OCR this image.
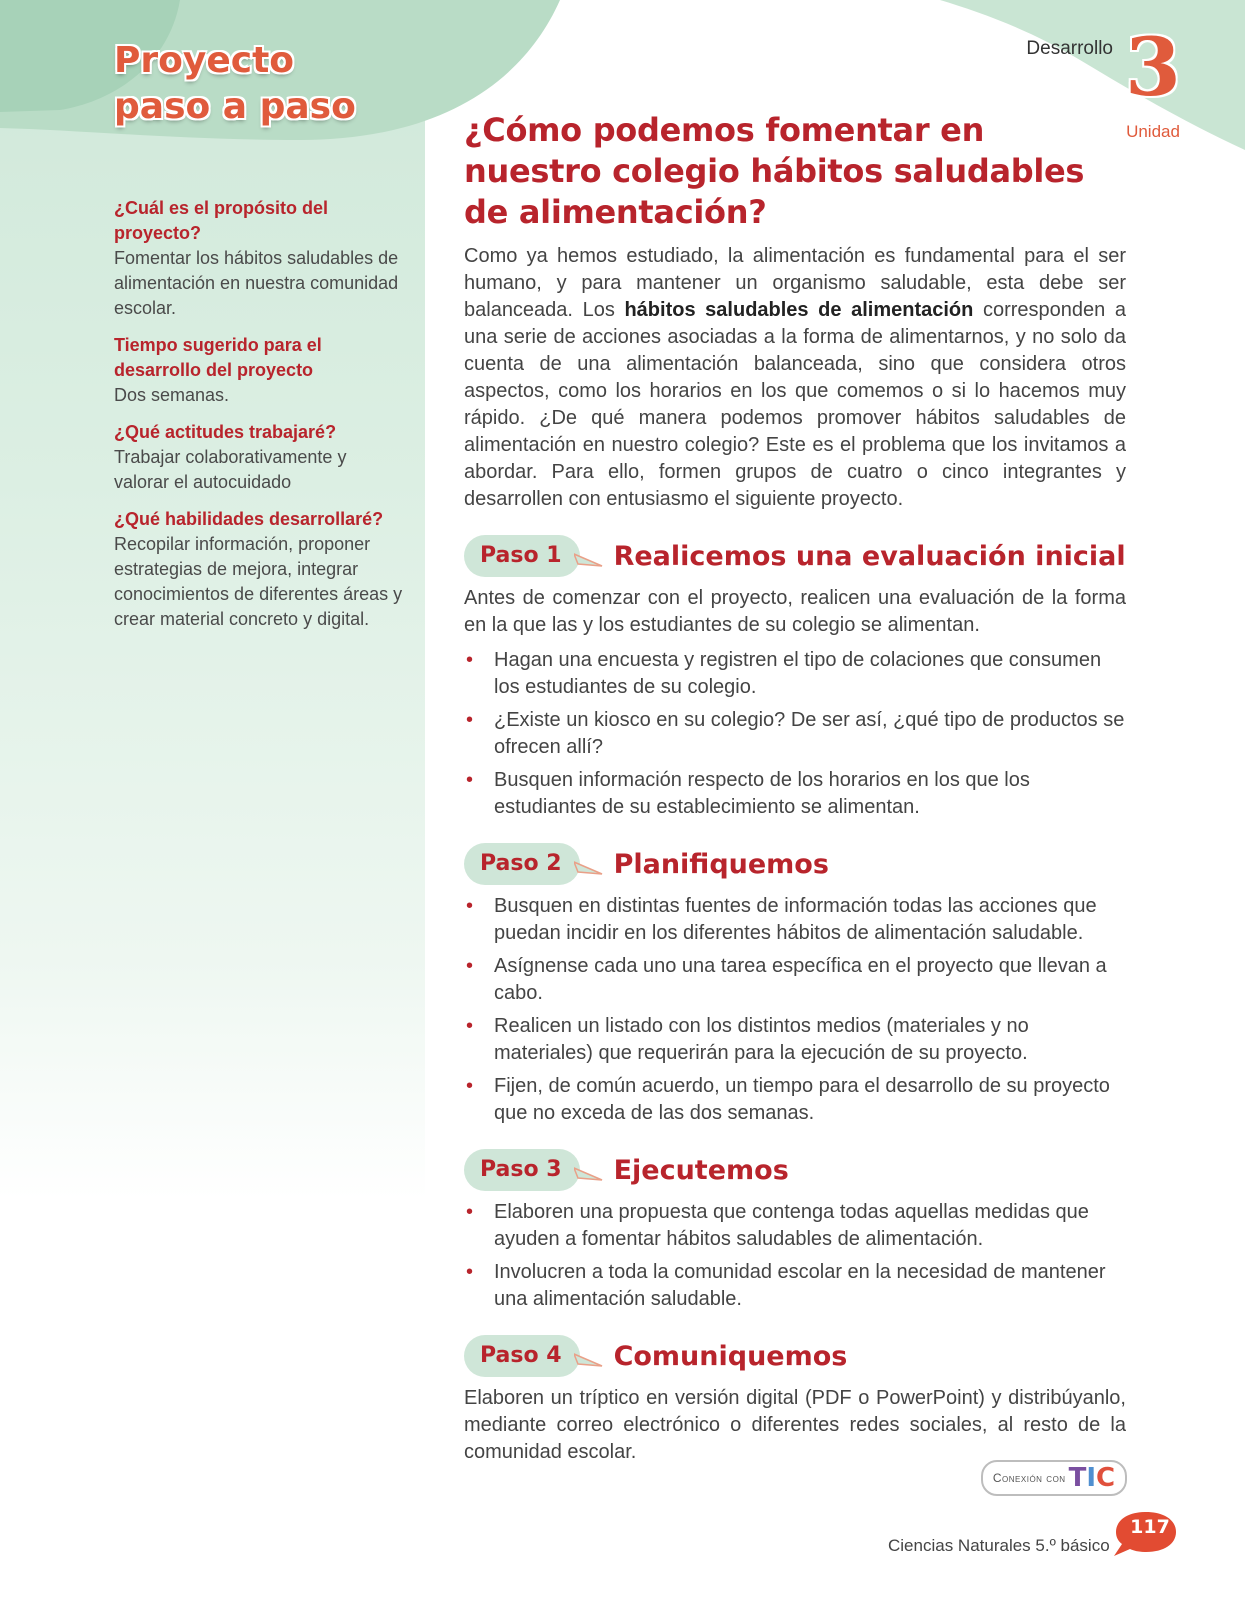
Proyecto
paso a paso
Desarrollo 3
Unidad
¿Cuál es el propósito del proyecto?
Fomentar los hábitos saludables de alimentación en nuestra comunidad escolar.
Tiempo sugerido para el desarrollo del proyecto
Dos semanas.
¿Qué actitudes trabajaré?
Trabajar colaborativamente y valorar el autocuidado
¿Qué habilidades desarrollaré?
Recopilar información, proponer estrategias de mejora, integrar conocimientos de diferentes áreas y crear material concreto y digital.
¿Cómo podemos fomentar en
nuestro colegio hábitos saludables
de alimentación?

Como ya hemos estudiado, la alimentación es fundamental para el ser humano, y para mantener un organismo saludable, esta debe ser balanceada. Los hábitos saludables de alimentación corresponden a una serie de acciones asociadas a la forma de alimentarnos, y no solo da cuenta de una alimentación balanceada, sino que considera otros aspectos, como los horarios en los que comemos o si lo hacemos muy rápido. ¿De qué manera podemos promover hábitos saludables de alimentación en nuestro colegio? Este es el problema que los invitamos a abordar. Para ello, formen grupos de cuatro o cinco integrantes y desarrollen con entusiasmo el siguiente proyecto.

Paso 1	Realicemos una evaluación inicial

Antes de comenzar con el proyecto, realicen una evaluación de la forma en la que las y los estudiantes de su colegio se alimentan.

• Hagan una encuesta y registren el tipo de colaciones que consumen los estudiantes de su colegio.
• ¿Existe un kiosco en su colegio? De ser así, ¿qué tipo de productos se ofrecen allí?
• Busquen información respecto de los horarios en los que los estudiantes de su establecimiento se alimentan.
Paso 2	Planifiquemos
• Busquen en distintas fuentes de información todas las acciones que puedan incidir en los diferentes hábitos de alimentación saludable.
• Asígnense cada uno una tarea específica en el proyecto que llevan a cabo.
• Realicen un listado con los distintos medios (materiales y no materiales) que requerirán para la ejecución de su proyecto.
• Fijen, de común acuerdo, un tiempo para el desarrollo de su proyecto que no exceda de las dos semanas.
Paso 3	Ejecutemos
• Elaboren una propuesta que contenga todas aquellas medidas que ayuden a fomentar hábitos saludables de alimentación.
• Involucren a toda la comunidad escolar en la necesidad de mantener una alimentación saludable.
Paso 4	Comuniquemos

Elaboren un tríptico en versión digital (PDF o PowerPoint) y distribúyanlo, mediante correo electrónico o diferentes redes sociales, al resto de la comunidad escolar.

Conexión con TIC
Ciencias Naturales 5.º básico
117
